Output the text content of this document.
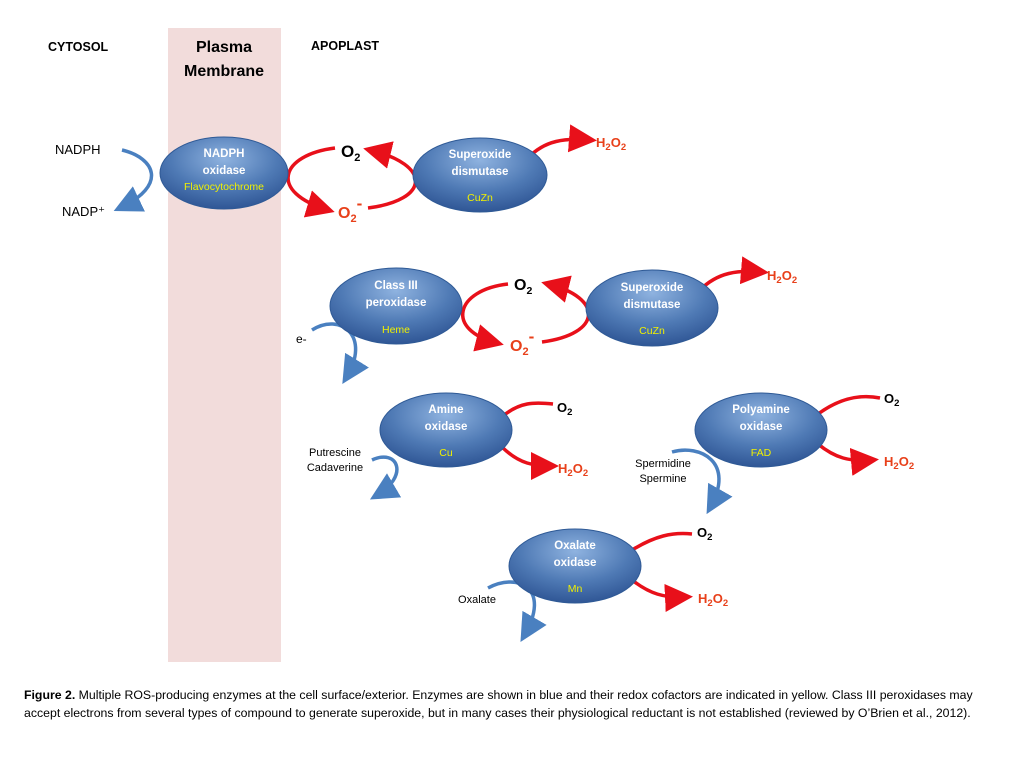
CYTOSOL	Plasma
Membrane
APOPLAST
NADPH
oxidase
Flavocytochrome
Superoxide
dismutase
CuZn
Class III
peroxidase
Heme
Superoxide
dismutase
CuZn
Amine
oxidase
Cu
Polyamine
oxidase
FAD
Oxalate
oxidase
Mn
NADPH
NADP⁺
e-
Putrescine
Cadaverine	Spermidine
Spermine
Oxalate
$O_2$
$O_2$
$O_2$
$O_2$
$O_2$
$O_2-$
$O_2-$
$H_2O_2$
$H_2O_2$
$H_2O_2$
$H_2O_2$
$H_2O_2$

Figure 2. Multiple ROS-producing enzymes at the cell surface/exterior. Enzymes are shown in blue and their redox cofactors are indicated in yellow. Class III peroxidases may accept electrons from several types of compound to generate superoxide, but in many cases their physiological reductant is not established (reviewed by O’Brien et al., 2012).
